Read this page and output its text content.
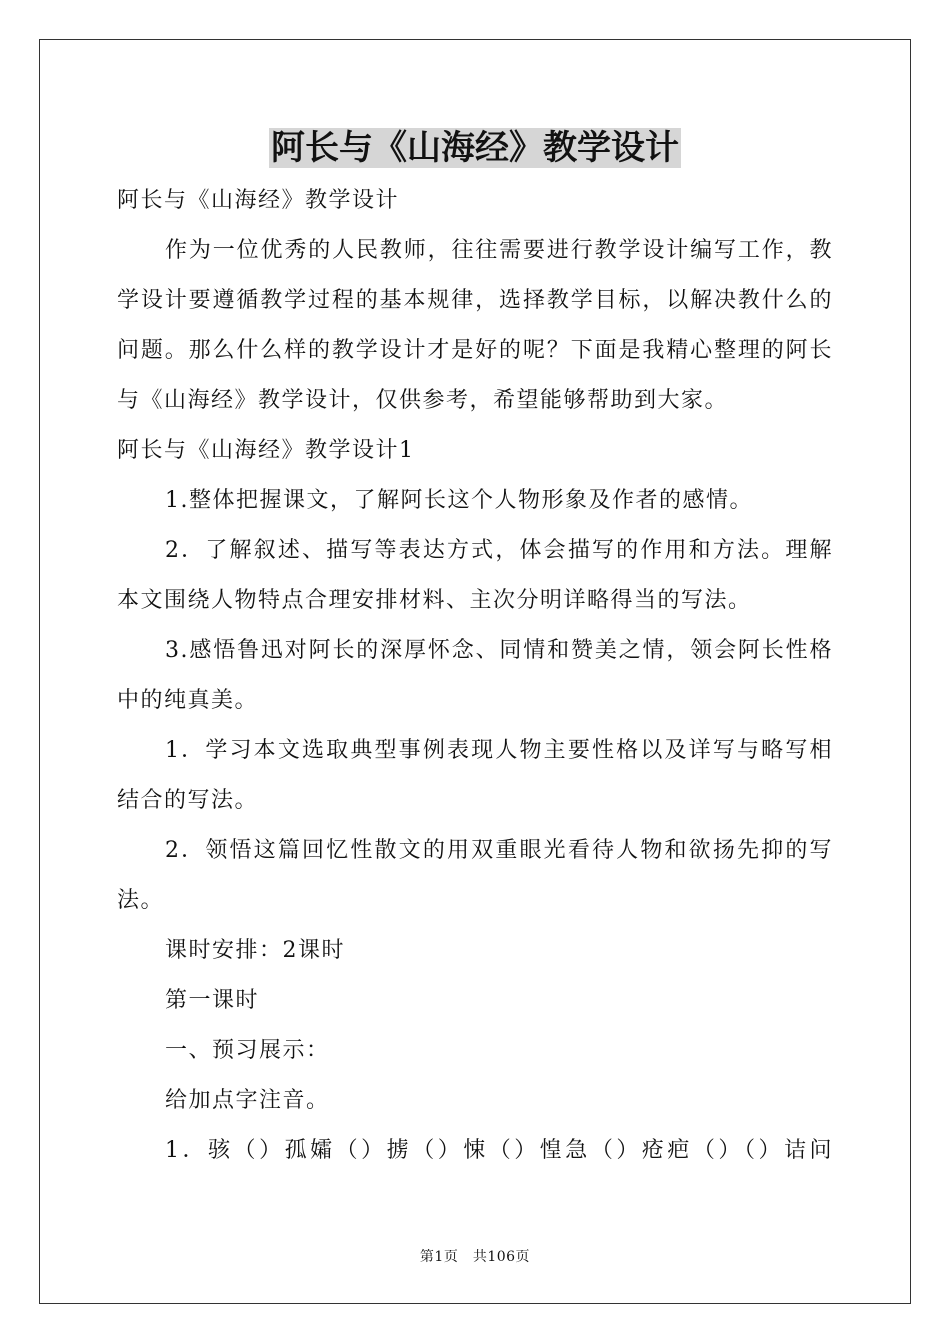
阿长与《山海经》教学设计

阿长与《山海经》教学设计

作为一位优秀的人民教师，往往需要进行教学设计编写工作，教学设计要遵循教学过程的基本规律，选择教学目标，以解决教什么的问题。那么什么样的教学设计才是好的呢？下面是我精心整理的阿长与《山海经》教学设计，仅供参考，希望能够帮助到大家。

阿长与《山海经》教学设计1

1.整体把握课文，了解阿长这个人物形象及作者的感情。

2．了解叙述、描写等表达方式，体会描写的作用和方法。理解本文围绕人物特点合理安排材料、主次分明详略得当的写法。

3.感悟鲁迅对阿长的深厚怀念、同情和赞美之情，领会阿长性格中的纯真美。

1．学习本文选取典型事例表现人物主要性格以及详写与略写相结合的写法。

2．领悟这篇回忆性散文的用双重眼光看待人物和欲扬先抑的写法。

课时安排：2课时

第一课时

一、预习展示：

给加点字注音。

1．骇（）孤孀（）掳（）悚（）惶急（）疮疤（）（）诘问

第1页　共106页
